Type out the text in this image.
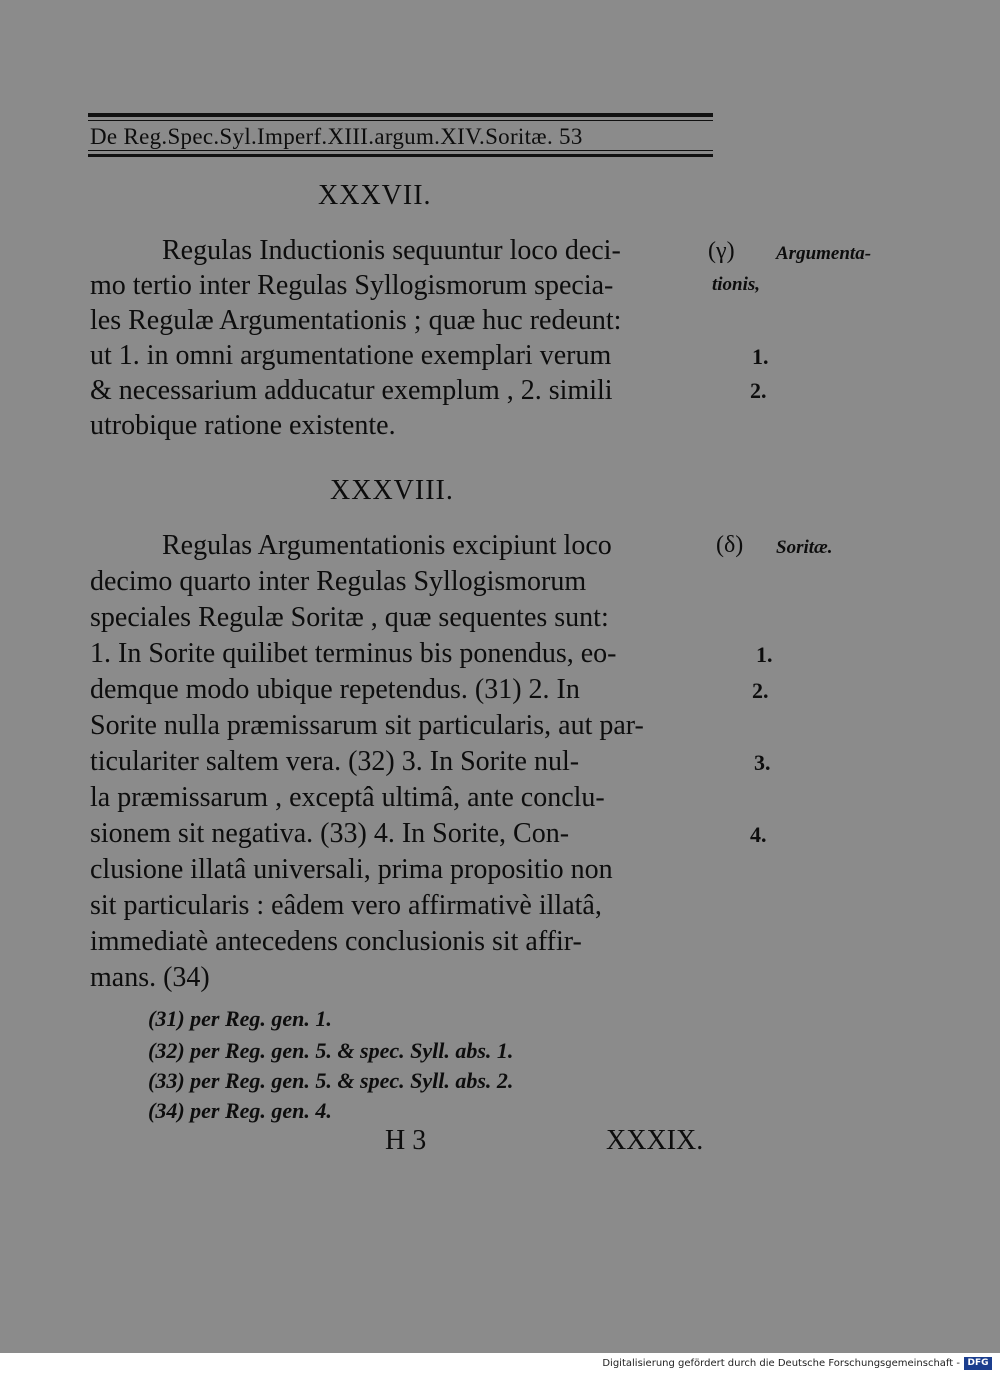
De Reg.Spec.Syl.Imperf.XIII.argum.XIV.Soritæ. 53
XXXVII.
Regulas Inductionis sequuntur loco deci-
mo tertio inter Regulas Syllogismorum specia-
les Regulæ Argumentationis ; quæ huc redeunt:
ut 1. in omni argumentatione exemplari verum
& necessarium adducatur exemplum , 2. simili
utrobique ratione existente.
(γ) Argumenta-
tionis,
1.
2.
XXXVIII.
Regulas Argumentationis excipiunt loco
decimo quarto inter Regulas Syllogismorum
speciales Regulæ Soritæ , quæ sequentes sunt:
1. In Sorite quilibet terminus bis ponendus, eo-
demque modo ubique repetendus. (31) 2. In
Sorite nulla præmissarum sit particularis, aut par-
ticulariter saltem vera. (32) 3. In Sorite nul-
la præmissarum , exceptâ ultimâ, ante conclu-
sionem sit negativa. (33) 4. In Sorite, Con-
clusione illatâ universali, prima propositio non
sit particularis : eâdem vero affirmativè illatâ,
immediatè antecedens conclusionis sit affir-
mans. (34)
(δ) Soritæ.
1.
2.
3.
4.
(31) per Reg. gen. 1.
(32) per Reg. gen. 5. & spec. Syll. abs. 1.
(33) per Reg. gen. 5. & spec. Syll. abs. 2.
(34) per Reg. gen. 4.
H 3	XXXIX.
Digitalisierung gefördert durch die Deutsche Forschungsgemeinschaft - DFG
